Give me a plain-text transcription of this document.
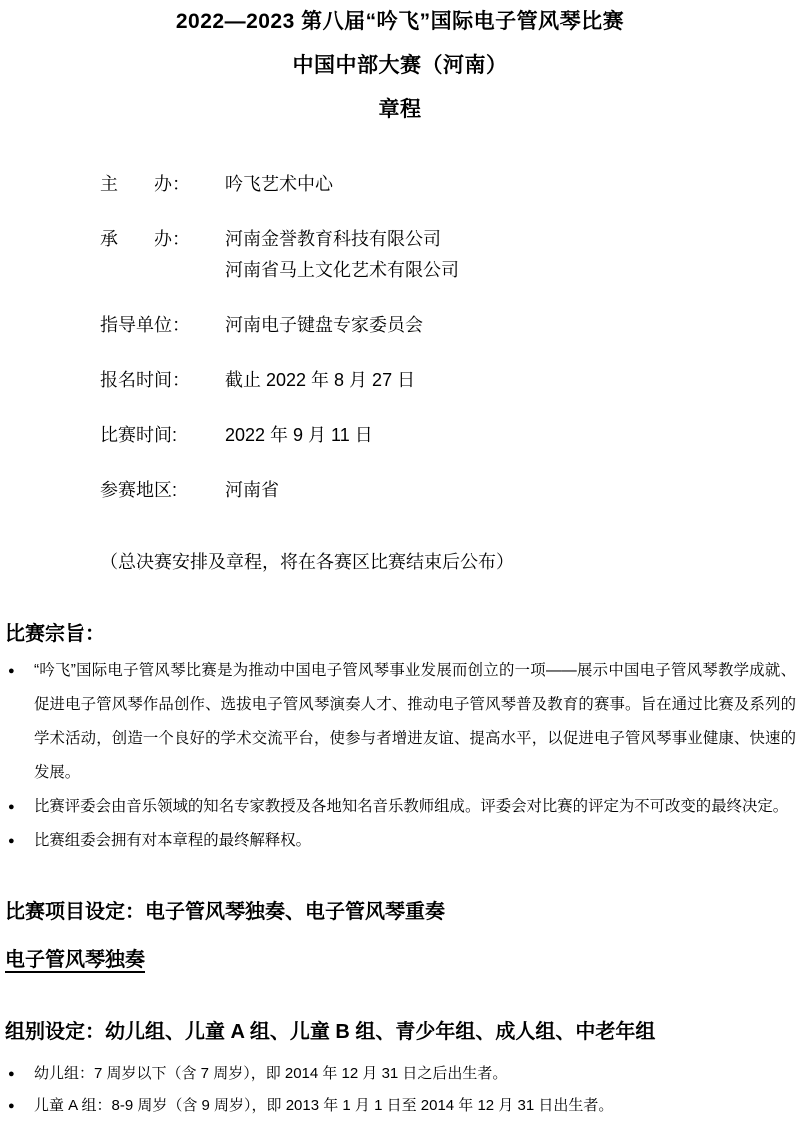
2022—2023 第八届“吟飞”国际电子管风琴比赛
中国中部大赛（河南）
章程
主　　办：	吟飞艺术中心
承　　办：	河南金誉教育科技有限公司
河南省马上文化艺术有限公司
指导单位：	河南电子键盘专家委员会
报名时间：	截止 2022 年 8 月 27 日
比赛时间:	2022 年 9 月 11 日
参赛地区:	河南省
（总决赛安排及章程，将在各赛区比赛结束后公布）
比赛宗旨：
●	“吟飞”国际电子管风琴比赛是为推动中国电子管风琴事业发展而创立的一项——展示中国电子管风琴教学成就、促进电子管风琴作品创作、选拔电子管风琴演奏人才、推动电子管风琴普及教育的赛事。旨在通过比赛及系列的学术活动，创造一个良好的学术交流平台，使参与者增进友谊、提高水平，以促进电子管风琴事业健康、快速的发展。
●	比赛评委会由音乐领域的知名专家教授及各地知名音乐教师组成。评委会对比赛的评定为不可改变的最终决定。
●	比赛组委会拥有对本章程的最终解释权。
比赛项目设定：电子管风琴独奏、电子管风琴重奏
电子管风琴独奏
组别设定：幼儿组、儿童 A 组、儿童 B 组、青少年组、成人组、中老年组
●	幼儿组：7 周岁以下（含 7 周岁），即 2014 年 12 月 31 日之后出生者。
●	儿童 A 组：8-9 周岁（含 9 周岁），即 2013 年 1 月 1 日至 2014 年 12 月 31 日出生者。
